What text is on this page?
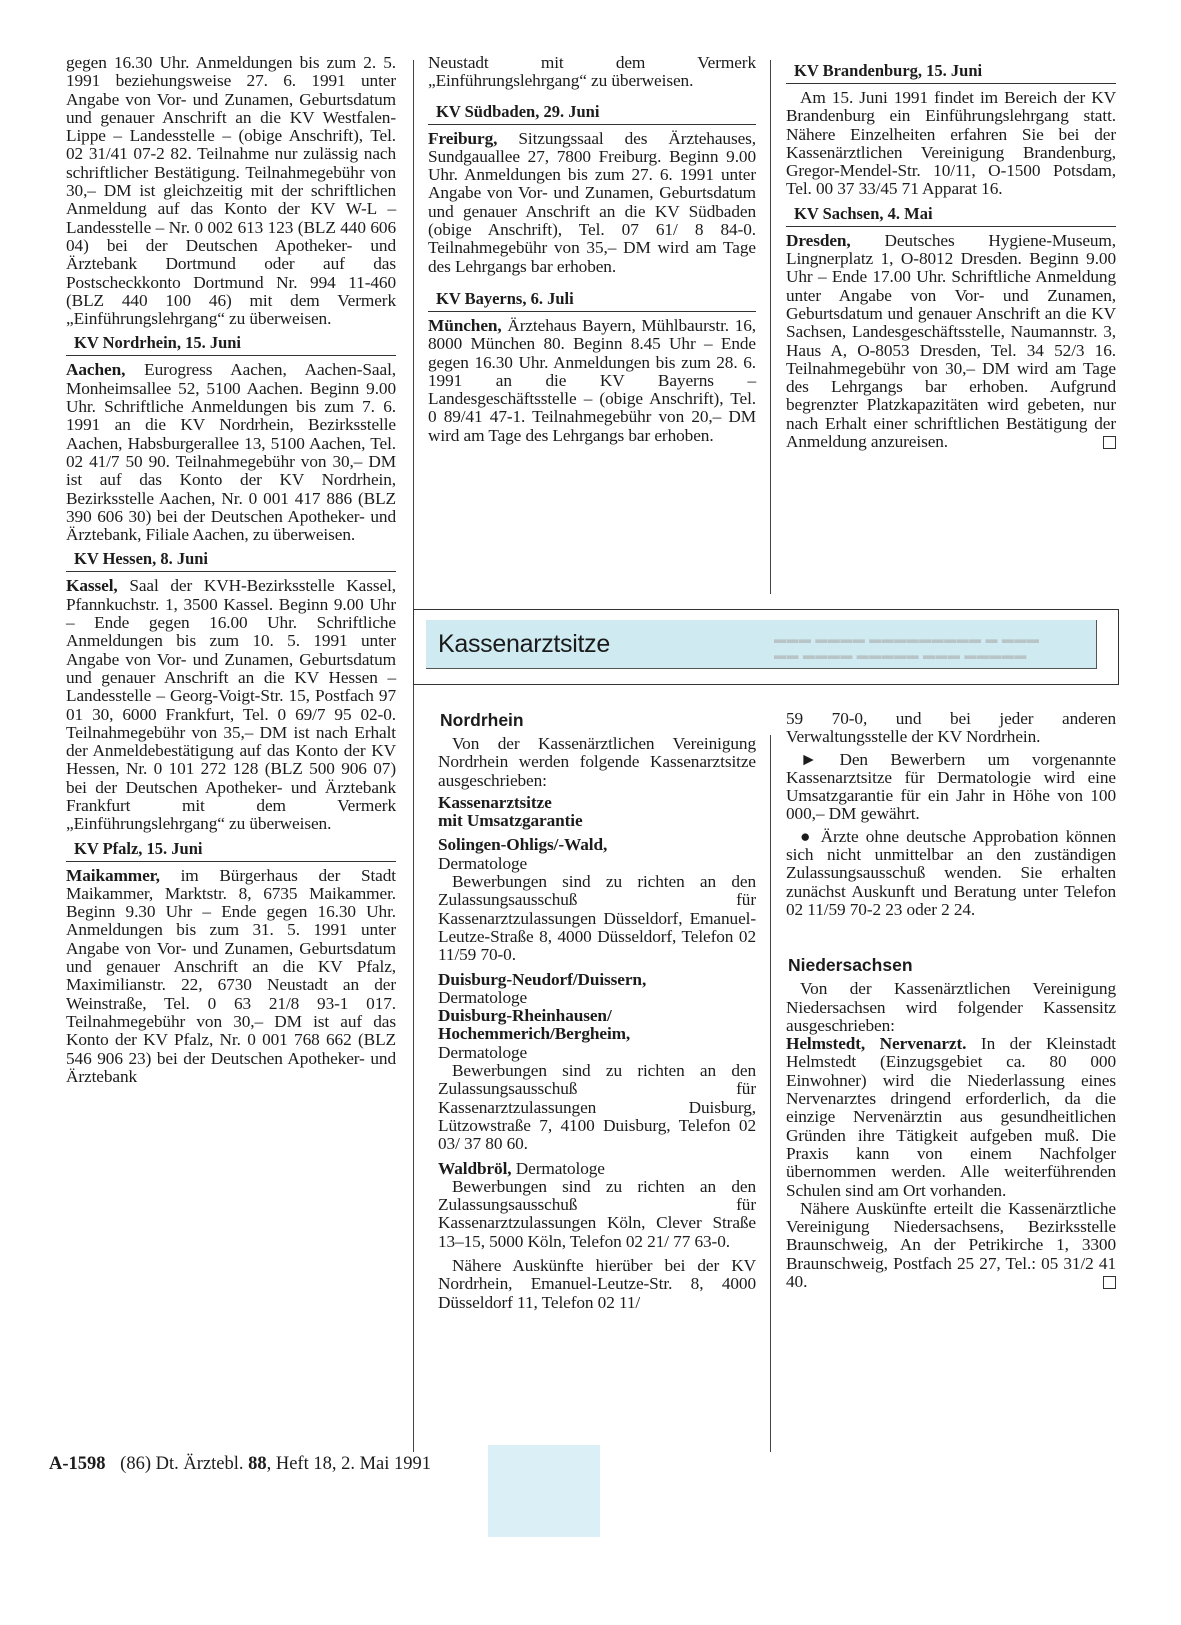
gegen 16.30 Uhr. Anmeldungen bis zum 2. 5. 1991 beziehungsweise 27. 6. 1991 unter Angabe von Vor- und Zunamen, Geburtsdatum und genauer Anschrift an die KV Westfalen-Lippe – Landesstelle – (obige Anschrift), Tel. 02 31/41 07-2 82. Teilnahme nur zulässig nach schriftlicher Bestätigung. Teilnahmegebühr von 30,– DM ist gleichzeitig mit der schriftlichen Anmeldung auf das Konto der KV W-L – Landesstelle – Nr. 0 002 613 123 (BLZ 440 606 04) bei der Deutschen Apotheker- und Ärztebank Dortmund oder auf das Postscheckkonto Dortmund Nr. 994 11-460 (BLZ 440 100 46) mit dem Vermerk „Einführungslehrgang“ zu überweisen.

KV Nordrhein, 15. Juni

Aachen, Eurogress Aachen, Aachen-Saal, Monheimsallee 52, 5100 Aachen. Beginn 9.00 Uhr. Schriftliche Anmeldungen bis zum 7. 6. 1991 an die KV Nordrhein, Bezirksstelle Aachen, Habsburgerallee 13, 5100 Aachen, Tel. 02 41/7 50 90. Teilnahmegebühr von 30,– DM ist auf das Konto der KV Nordrhein, Bezirksstelle Aachen, Nr. 0 001 417 886 (BLZ 390 606 30) bei der Deutschen Apotheker- und Ärztebank, Filiale Aachen, zu überweisen.

KV Hessen, 8. Juni

Kassel, Saal der KVH-Bezirksstelle Kassel, Pfannkuchstr. 1, 3500 Kassel. Beginn 9.00 Uhr – Ende gegen 16.00 Uhr. Schriftliche Anmeldungen bis zum 10. 5. 1991 unter Angabe von Vor- und Zunamen, Geburtsdatum und genauer Anschrift an die KV Hessen – Landesstelle – Georg-Voigt-Str. 15, Postfach 97 01 30, 6000 Frankfurt, Tel. 0 69/7 95 02-0. Teilnahmegebühr von 35,– DM ist nach Erhalt der Anmeldebestätigung auf das Konto der KV Hessen, Nr. 0 101 272 128 (BLZ 500 906 07) bei der Deutschen Apotheker- und Ärztebank Frankfurt mit dem Vermerk „Einführungslehrgang“ zu überweisen.

KV Pfalz, 15. Juni

Maikammer, im Bürgerhaus der Stadt Maikammer, Marktstr. 8, 6735 Maikammer. Beginn 9.30 Uhr – Ende gegen 16.30 Uhr. Anmeldungen bis zum 31. 5. 1991 unter Angabe von Vor- und Zunamen, Geburtsdatum und genauer Anschrift an die KV Pfalz, Maximilianstr. 22, 6730 Neustadt an der Weinstraße, Tel. 0 63 21/8 93-1 017. Teilnahmegebühr von 30,– DM ist auf das Konto der KV Pfalz, Nr. 0 001 768 662 (BLZ 546 906 23) bei der Deutschen Apotheker- und Ärztebank

Neustadt mit dem Vermerk „Einführungslehrgang“ zu überweisen.

KV Südbaden, 29. Juni

Freiburg, Sitzungssaal des Ärztehauses, Sundgauallee 27, 7800 Freiburg. Beginn 9.00 Uhr. Anmeldungen bis zum 27. 6. 1991 unter Angabe von Vor- und Zunamen, Geburtsdatum und genauer Anschrift an die KV Südbaden (obige Anschrift), Tel. 07 61/ 8 84-0. Teilnahmegebühr von 35,– DM wird am Tage des Lehrgangs bar erhoben.

KV Bayerns, 6. Juli

München, Ärztehaus Bayern, Mühlbaurstr. 16, 8000 München 80. Beginn 8.45 Uhr – Ende gegen 16.30 Uhr. Anmeldungen bis zum 28. 6. 1991 an die KV Bayerns – Landesgeschäftsstelle – (obige Anschrift), Tel. 0 89/41 47-1. Teilnahmegebühr von 20,– DM wird am Tage des Lehrgangs bar erhoben.

KV Brandenburg, 15. Juni

Am 15. Juni 1991 findet im Bereich der KV Brandenburg ein Einführungslehrgang statt. Nähere Einzelheiten erfahren Sie bei der Kassenärztlichen Vereinigung Brandenburg, Gregor-Mendel-Str. 10/11, O-1500 Potsdam, Tel. 00 37 33/45 71 Apparat 16.

KV Sachsen, 4. Mai

Dresden, Deutsches Hygiene-Museum, Lingnerplatz 1, O-8012 Dresden. Beginn 9.00 Uhr – Ende 17.00 Uhr. Schriftliche Anmeldung unter Angabe von Vor- und Zunamen, Geburtsdatum und genauer Anschrift an die KV Sachsen, Landesgeschäftsstelle, Naumannstr. 3, Haus A, O-8053 Dresden, Tel. 34 52/3 16. Teilnahmegebühr von 30,– DM wird am Tage des Lehrgangs bar erhoben. Aufgrund begrenzter Platzkapazitäten wird gebeten, nur nach Erhalt einer schriftlichen Bestätigung der Anmeldung anzureisen.

▬▬▬ ▬▬▬▬ ▬▬▬▬▬▬▬▬▬ ▬ ▬▬▬
▬▬ ▬▬▬▬ ▬▬▬▬▬ ▬▬▬ ▬▬▬▬▬
Kassenarztsitze
Nordrhein

Von der Kassenärztlichen Vereinigung Nordrhein werden folgende Kassenarztsitze ausgeschrieben:

Kassenarztsitze
mit Umsatzgarantie

Solingen-Ohligs/-Wald,
Dermatologe

Bewerbungen sind zu richten an den Zulassungsausschuß für Kassenarztzulassungen Düsseldorf, Emanuel-Leutze-Straße 8, 4000 Düsseldorf, Telefon 02 11/59 70-0.

Duisburg-Neudorf/Duissern,
Dermatologe
Duisburg-Rheinhausen/
Hochemmerich/Bergheim,
Dermatologe

Bewerbungen sind zu richten an den Zulassungsausschuß für Kassenarztzulassungen Duisburg, Lützowstraße 7, 4100 Duisburg, Telefon 02 03/ 37 80 60.

Waldbröl, Dermatologe

Bewerbungen sind zu richten an den Zulassungsausschuß für Kassenarztzulassungen Köln, Clever Straße 13–15, 5000 Köln, Telefon 02 21/ 77 63-0.

Nähere Auskünfte hierüber bei der KV Nordrhein, Emanuel-Leutze-Str. 8, 4000 Düsseldorf 11, Telefon 02 11/

59 70-0, und bei jeder anderen Verwaltungsstelle der KV Nordrhein.

► Den Bewerbern um vorgenannte Kassenarztsitze für Dermatologie wird eine Umsatzgarantie für ein Jahr in Höhe von 100 000,– DM gewährt.

● Ärzte ohne deutsche Approbation können sich nicht unmittelbar an den zuständigen Zulassungsausschuß wenden. Sie erhalten zunächst Auskunft und Beratung unter Telefon 02 11/59 70-2 23 oder 2 24.

Niedersachsen

Von der Kassenärztlichen Vereinigung Niedersachsen wird folgender Kassensitz ausgeschrieben:

Helmstedt, Nervenarzt. In der Kleinstadt Helmstedt (Einzugsgebiet ca. 80 000 Einwohner) wird die Niederlassung eines Nervenarztes dringend erforderlich, da die einzige Nervenärztin aus gesundheitlichen Gründen ihre Tätigkeit aufgeben muß. Die Praxis kann von einem Nachfolger übernommen werden. Alle weiterführenden Schulen sind am Ort vorhanden.

Nähere Auskünfte erteilt die Kassenärztliche Vereinigung Niedersachsens, Bezirksstelle Braunschweig, An der Petrikirche 1, 3300 Braunschweig, Postfach 25 27, Tel.: 05 31/2 41 40.

A-1598 (86) Dt. Ärztebl. 88, Heft 18, 2. Mai 1991
